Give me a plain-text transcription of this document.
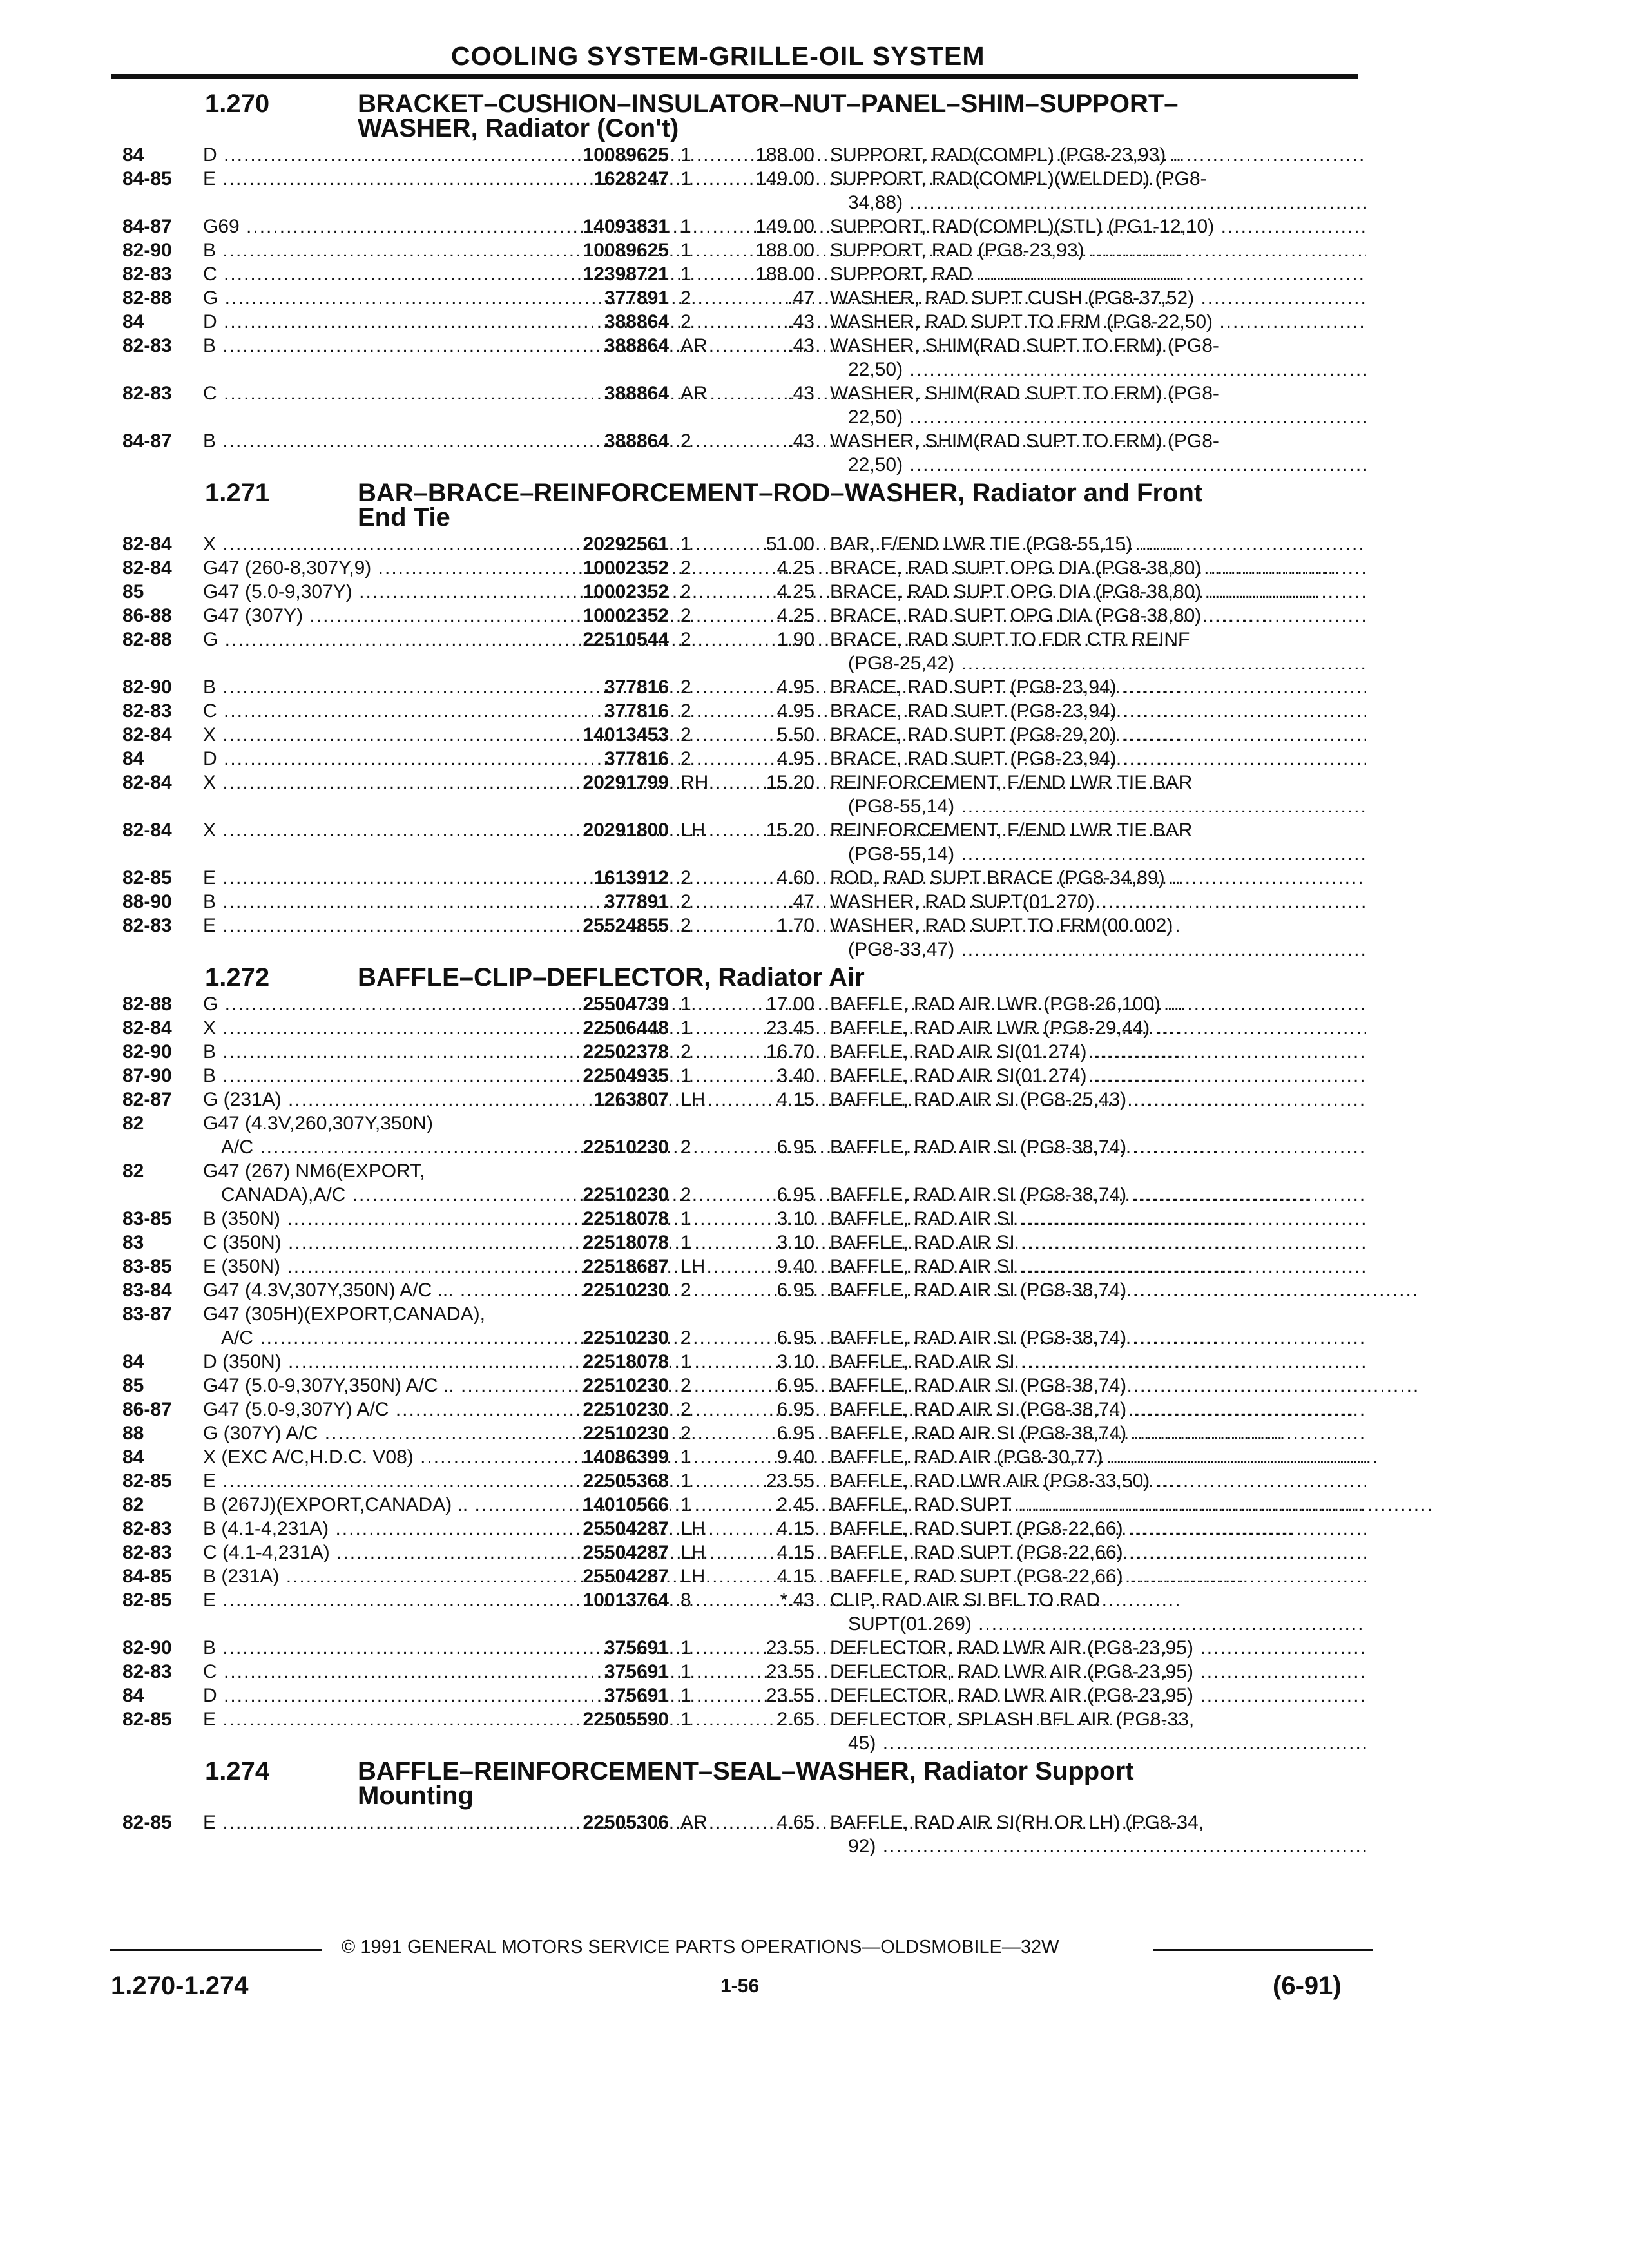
COOLING SYSTEM-GRILLE-OIL SYSTEM
1.270	BRACKET–CUSHION–INSULATOR–NUT–PANEL–SHIM–SUPPORT–
WASHER, Radiator (Con't)
84	D .....	10089625 1	188.00 SUPPORT, RAD(COMPL) (PG8-23,93) .....
84-85	E .....	1628247 1	149.00 SUPPORT, RAD(COMPL)(WELDED) (PG8-
34,88) .....
84-87	G69 .....	14093831 1	149.00 SUPPORT, RAD(COMPL)(STL) (PG1-12,10) .....
82-90	B .....	10089625 1	188.00 SUPPORT, RAD (PG8-23,93) .....
82-83	C .....	12398721 1	188.00 SUPPORT, RAD .....
82-88	G .....	377891 2	.47 WASHER, RAD SUPT CUSH (PG8-37,52) .....
84	D .....	388864 2	.43 WASHER, RAD SUPT TO FRM (PG8-22,50) .....
82-83	B .....	388864 AR	.43 WASHER, SHIM(RAD SUPT TO FRM) (PG8-
22,50) .....
82-83	C .....	388864 AR	.43 WASHER, SHIM(RAD SUPT TO FRM) (PG8-
22,50) .....
84-87	B .....	388864 2	.43 WASHER, SHIM(RAD SUPT TO FRM) (PG8-
22,50) .....
1.271	BAR–BRACE–REINFORCEMENT–ROD–WASHER, Radiator and Front
End Tie
82-84	X .....	20292561 1	51.00 BAR, F/END LWR TIE (PG8-55,15) .....
82-84	G47 (260-8,307Y,9) .....	10002352 2	4.25 BRACE, RAD SUPT OPG DIA (PG8-38,80) .....
85	G47 (5.0-9,307Y) .....	10002352 2	4.25 BRACE, RAD SUPT OPG DIA (PG8-38,80) .....
86-88	G47 (307Y) .....	10002352 2	4.25 BRACE, RAD SUPT OPG DIA (PG8-38,80) .....
82-88	G .....	22510544 2	1.90 BRACE, RAD SUPT TO FDR CTR REINF
(PG8-25,42) .....
82-90	B .....	377816 2	4.95 BRACE, RAD SUPT (PG8-23,94) .....
82-83	C .....	377816 2	4.95 BRACE, RAD SUPT (PG8-23,94) .....
82-84	X .....	14013453 2	5.50 BRACE, RAD SUPT (PG8-29,20) .....
84	D .....	377816 2	4.95 BRACE, RAD SUPT (PG8-23,94) .....
82-84	X .....	20291799 RH	15.20 REINFORCEMENT, F/END LWR TIE BAR
(PG8-55,14) .....
82-84	X .....	20291800 LH	15.20 REINFORCEMENT, F/END LWR TIE BAR
(PG8-55,14) .....
82-85	E .....	1613912 2	4.60 ROD, RAD SUPT BRACE (PG8-34,89) .....
88-90	B .....	377891 2	.47 WASHER, RAD SUPT(01.270) .....
82-83	E .....	25524855 2	1.70 WASHER, RAD SUPT TO FRM(00.002)
(PG8-33,47) .....
1.272	BAFFLE–CLIP–DEFLECTOR, Radiator Air
82-88	G .....	25504739 1	17.00 BAFFLE, RAD AIR LWR (PG8-26,100) .....
82-84	X .....	22506448 1	23.45 BAFFLE, RAD AIR LWR (PG8-29,44) .....
82-90	B .....	22502378 2	16.70 BAFFLE, RAD AIR SI(01.274) .....
87-90	B .....	22504935 1	3.40 BAFFLE, RAD AIR SI(01.274) .....
82-87	G (231A) .....	1263807 LH	4.15 BAFFLE, RAD AIR SI (PG8-25,43) .....
82	G47 (4.3V,260,307Y,350N)
A/C .....	22510230 2	6.95 BAFFLE, RAD AIR SI (PG8-38,74) .....
82	G47 (267) NM6(EXPORT,
CANADA),A/C .....	22510230 2	6.95 BAFFLE, RAD AIR SI (PG8-38,74) .....
83-85	B (350N) .....	22518078 1	3.10 BAFFLE, RAD AIR SI .....
83	C (350N) .....	22518078 1	3.10 BAFFLE, RAD AIR SI .....
83-85	E (350N) .....	22518687 LH	9.40 BAFFLE, RAD AIR SI .....
83-84	G47 (4.3V,307Y,350N) A/C ... .....	22510230 2	6.95 BAFFLE, RAD AIR SI (PG8-38,74) .....
83-87	G47 (305H)(EXPORT,CANADA),
A/C .....	22510230 2	6.95 BAFFLE, RAD AIR SI (PG8-38,74) .....
84	D (350N) .....	22518078 1	3.10 BAFFLE, RAD AIR SI .....
85	G47 (5.0-9,307Y,350N) A/C .. .....	22510230 2	6.95 BAFFLE, RAD AIR SI (PG8-38,74) .....
86-87	G47 (5.0-9,307Y) A/C .....	22510230 2	6.95 BAFFLE, RAD AIR SI (PG8-38,74) .....
88	G (307Y) A/C .....	22510230 2	6.95 BAFFLE, RAD AIR SI (PG8-38,74) .....
84	X (EXC A/C,H.D.C. V08) .....	14086399 1	9.40 BAFFLE, RAD AIR (PG8-30,77) .....
82-85	E .....	22505368 1	23.55 BAFFLE, RAD LWR AIR (PG8-33,50) .....
82	B (267J)(EXPORT,CANADA) .. .....	14010566 1	2.45 BAFFLE, RAD SUPT .....
82-83	B (4.1-4,231A) .....	25504287 LH	4.15 BAFFLE, RAD SUPT (PG8-22,66) .....
82-83	C (4.1-4,231A) .....	25504287 LH	4.15 BAFFLE, RAD SUPT (PG8-22,66) .....
84-85	B (231A) .....	25504287 LH	4.15 BAFFLE, RAD SUPT (PG8-22,66) .....
82-85	E .....	10013764 8	*.43 CLIP, RAD AIR SI BFL TO RAD
SUPT(01.269) .....
82-90	B .....	375691 1	23.55 DEFLECTOR, RAD LWR AIR (PG8-23,95) .....
82-83	C .....	375691 1	23.55 DEFLECTOR, RAD LWR AIR (PG8-23,95) .....
84	D .....	375691 1	23.55 DEFLECTOR, RAD LWR AIR (PG8-23,95) .....
82-85	E .....	22505590 1	2.65 DEFLECTOR, SPLASH BFL AIR (PG8-33,
45) .....
1.274	BAFFLE–REINFORCEMENT–SEAL–WASHER, Radiator Support
Mounting
82-85	E .....	22505306 AR	4.65 BAFFLE, RAD AIR SI(RH OR LH) (PG8-34,
92) .....
© 1991 GENERAL MOTORS SERVICE PARTS OPERATIONS—OLDSMOBILE—32W
1.270-1.274	1-56	(6-91)
